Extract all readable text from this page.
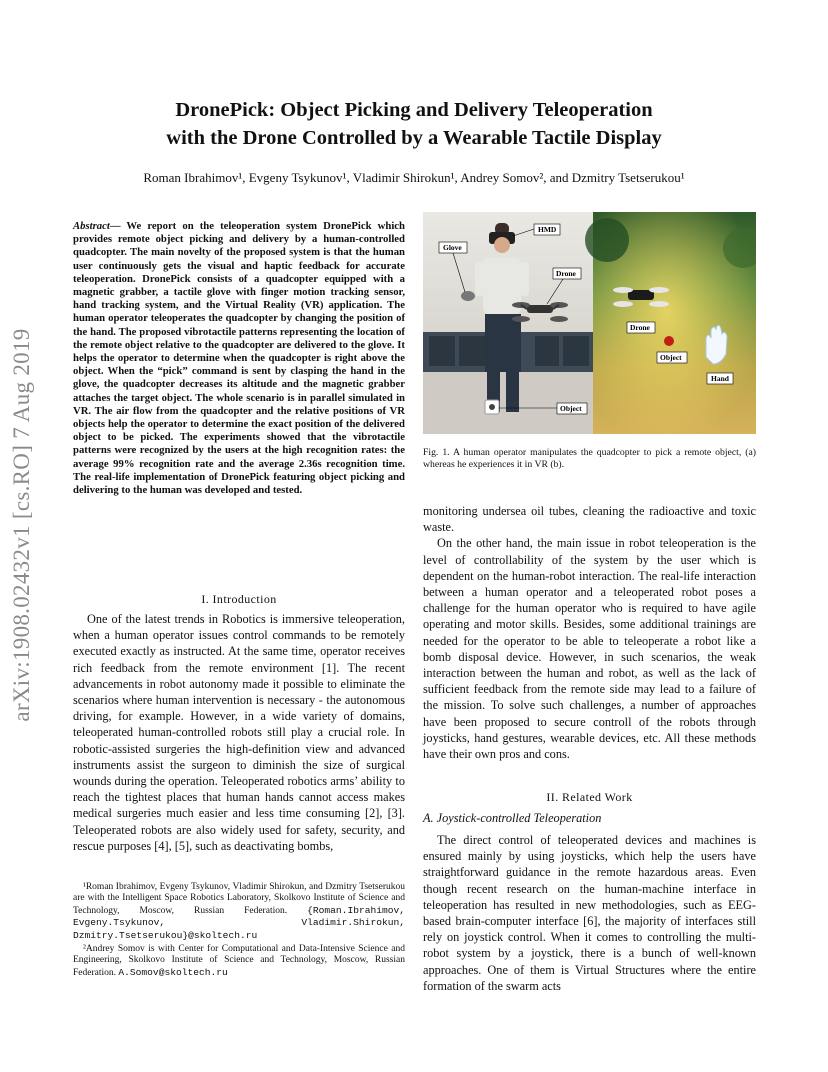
arXiv:1908.02432v1 [cs.RO] 7 Aug 2019
DronePick: Object Picking and Delivery Teleoperation
with the Drone Controlled by a Wearable Tactile Display
Roman Ibrahimov¹, Evgeny Tsykunov¹, Vladimir Shirokun¹, Andrey Somov², and Dzmitry Tsetserukou¹
Abstract— We report on the teleoperation system DronePick which provides remote object picking and delivery by a human-controlled quadcopter. The main novelty of the proposed system is that the human user continuously gets the visual and haptic feedback for accurate teleoperation. DronePick consists of a quadcopter equipped with a magnetic grabber, a tactile glove with finger motion tracking sensor, hand tracking system, and the Virtual Reality (VR) application. The human operator teleoperates the quadcopter by changing the position of the hand. The proposed vibrotactile patterns representing the location of the remote object relative to the quadcopter are delivered to the glove. It helps the operator to determine when the quadcopter is right above the object. When the “pick” command is sent by clasping the hand in the glove, the quadcopter decreases its altitude and the magnetic grabber attaches the target object. The whole scenario is in parallel simulated in VR. The air flow from the quadcopter and the relative positions of VR objects help the operator to determine the exact position of the delivered object to be picked. The experiments showed that the vibrotactile patterns were recognized by the users at the high recognition rates: the average 99% recognition rate and the average 2.36s recognition time. The real-life implementation of DronePick featuring object picking and delivering to the human was developed and tested.
I. Introduction

One of the latest trends in Robotics is immersive teleoperation, when a human operator issues control commands to be remotely executed exactly as instructed. At the same time, operator receives rich feedback from the remote environment [1]. The recent advancements in robot autonomy made it possible to eliminate the scenarios where human intervention is necessary - the autonomous driving, for example. However, in a wide variety of domains, teleoperated human-controlled robots still play a crucial role. In robotic-assisted surgeries the high-definition view and advanced instruments assist the surgeon to diminish the size of surgical wounds during the operation. Teleoperated robotics arms’ ability to reach the tightest places that human hands cannot access makes medical surgeries much easier and less time consuming [2], [3]. Teleoperated robots are also widely used for safety, security, and rescue purposes [4], [5], such as deactivating bombs,

¹Roman Ibrahimov, Evgeny Tsykunov, Vladimir Shirokun, and Dzmitry Tsetserukou are with the Intelligent Space Robotics Laboratory, Skolkovo Institute of Science and Technology, Moscow, Russian Federation. {Roman.Ibrahimov, Evgeny.Tsykunov, Vladimir.Shirokun, Dzmitry.Tsetserukou}@skoltech.ru

²Andrey Somov is with Center for Computational and Data-Intensive Science and Engineering, Skolkovo Institute of Science and Technology, Moscow, Russian Federation. A.Somov@skoltech.ru

HMD
Glove
Drone
Object
Drone
Object
Hand
Fig. 1. A human operator manipulates the quadcopter to pick a remote object, (a) whereas he experiences it in VR (b).

monitoring undersea oil tubes, cleaning the radioactive and toxic waste.

On the other hand, the main issue in robot teleoperation is the level of controllability of the system by the user which is dependent on the human-robot interaction. The real-life interaction between a human operator and a teleoperated robot poses a challenge for the human operator who is required to have agile operating and motor skills. Besides, some additional trainings are needed for the operator to be able to teleoperate a robot like a bomb disposal device. However, in such scenarios, the weak interaction between the human and robot, as well as the lack of sufficient feedback from the remote side may lead to a failure of the mission. To solve such challenges, a number of approaches have been proposed to secure controll of the robots through joysticks, hand gestures, wearable devices, etc. All these methods have their own pros and cons.

II. Related Work
A. Joystick-controlled Teleoperation

The direct control of teleoperated devices and machines is ensured mainly by using joysticks, which help the users have straightforward guidance in the remote hazardous areas. Even though recent research on the human-machine interface in teleoperation has resulted in new methodologies, such as EEG-based brain-computer interface [6], the majority of interfaces still rely on joystick control. When it comes to controlling the multi-robot system by a joystick, there is a bunch of well-known approaches. One of them is Virtual Structures where the entire formation of the swarm acts
